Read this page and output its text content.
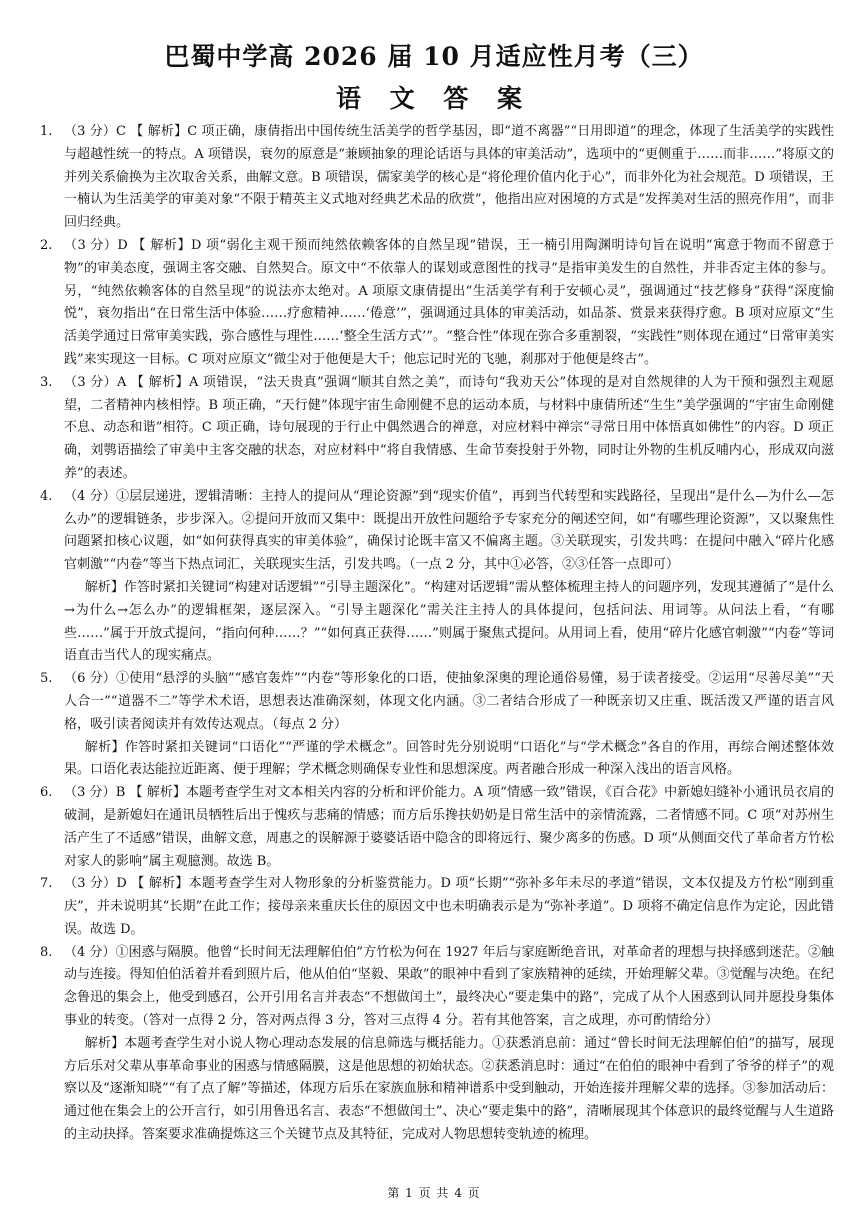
巴蜀中学高 2026 届 10 月适应性月考（三）
语 文 答 案
1. （3 分）C 【 解析】C 项正确，康倩指出中国传统生活美学的哲学基因，即“道不离器”“日用即道”的理念，体现了生活美学的实践性与超越性统一的特点。A 项错误，衰勿的原意是“兼顾抽象的理论话语与具体的审美活动”，选项中的“更侧重于……而非……”将原文的并列关系偷换为主次取舍关系，曲解文意。B 项错误，儒家美学的核心是“将伦理价值内化于心”，而非外化为社会规范。D 项错误，王一楠认为生活美学的审美对象“不限于精英主义式地对经典艺术品的欣赏”，他指出应对困境的方式是“发挥美对生活的照亮作用”，而非回归经典。

2. （3 分）D 【 解析】D 项“弱化主观干预而纯然依赖客体的自然呈现”错误，王一楠引用陶渊明诗句旨在说明“寓意于物而不留意于物”的审美态度，强调主客交融、自然契合。原文中“不依靠人的谋划或意图性的找寻”是指审美发生的自然性，并非否定主体的参与。另，“纯然依赖客体的自然呈现”的说法亦太绝对。A 项原文康倩提出“生活美学有利于安顿心灵”，强调通过“技艺修身”获得“深度愉悦”，衰勿指出“在日常生活中体验……疗愈精神……‘倦意’”，强调通过具体的审美活动，如品茶、赏景来获得疗愈。B 项对应原文“生活美学通过日常审美实践，弥合感性与理性……‘整全生活方式’”。“整合性”体现在弥合多重割裂，“实践性”则体现在通过“日常审美实践”来实现这一目标。C 项对应原文“微尘对于他便是大千；他忘记时光的飞驰，刹那对于他便是终古”。

3. （3 分）A 【 解析】A 项错误，“法天贵真”强调“顺其自然之美”，而诗句“我劝天公”体现的是对自然规律的人为干预和强烈主观愿望，二者精神内核相悖。B 项正确，“天行健”体现宇宙生命刚健不息的运动本质，与材料中康倩所述“生生”美学强调的“宇宙生命刚健不息、动态和谐”相符。C 项正确，诗句展现的于行止中偶然遇合的禅意，对应材料中禅宗“寻常日用中体悟真如佛性”的内容。D 项正确，刘鹗语描绘了审美中主客交融的状态，对应材料中“将自我情感、生命节奏投射于外物，同时让外物的生机反哺内心，形成双向滋养”的表述。

4. （4 分）①层层递进，逻辑清晰：主持人的提问从“理论资源”到“现实价值”，再到当代转型和实践路径，呈现出“是什么—为什么—怎么办”的逻辑链条，步步深入。②提问开放而又集中：既提出开放性问题给予专家充分的阐述空间，如“有哪些理论资源”，又以聚焦性问题紧扣核心议题，如“如何获得真实的审美体验”，确保讨论既丰富又不偏离主题。③关联现实，引发共鸣：在提问中融入“碎片化感官刺激”“内卷”等当下热点词汇，关联现实生活，引发共鸣。（一点 2 分，其中①必答，②③任答一点即可）

解析】作答时紧扣关键词“构建对话逻辑”“引导主题深化”。“构建对话逻辑”需从整体梳理主持人的问题序列，发现其遵循了“是什么→为什么→怎么办”的逻辑框架，逐层深入。“引导主题深化”需关注主持人的具体提问，包括问法、用词等。从问法上看，“有哪些……”属于开放式提问，“指向何种……？”“如何真正获得……”则属于聚焦式提问。从用词上看，使用“碎片化感官刺激”“内卷”等词语直击当代人的现实痛点。

5. （6 分）①使用“悬浮的头脑”“感官轰炸”“内卷”等形象化的口语，使抽象深奥的理论通俗易懂，易于读者接受。②运用“尽善尽美”“天人合一”“道器不二”等学术术语，思想表达准确深刻，体现文化内涵。③二者结合形成了一种既亲切又庄重、既活泼又严谨的语言风格，吸引读者阅读并有效传达观点。（每点 2 分）

解析】作答时紧扣关键词“口语化”“严谨的学术概念”。回答时先分别说明“口语化”与“学术概念”各自的作用，再综合阐述整体效果。口语化表达能拉近距离、便于理解；学术概念则确保专业性和思想深度。两者融合形成一种深入浅出的语言风格。

6. （3 分）B 【 解析】本题考查学生对文本相关内容的分析和评价能力。A 项“情感一致”错误，《百合花》中新媳妇缝补小通讯员衣肩的破洞，是新媳妇在通讯员牺牲后出于愧疚与悲痛的情感；而方后乐搀扶奶奶是日常生活中的亲情流露，二者情感不同。C 项“对苏州生活产生了不适感”错误，曲解文意，周惠之的误解源于婆婆话语中隐含的即将远行、聚少离多的伤感。D 项“从侧面交代了革命者方竹松对家人的影响”属主观臆测。故选 B。

7. （3 分）D 【 解析】本题考查学生对人物形象的分析鉴赏能力。D 项“长期”“弥补多年未尽的孝道”错误，文本仅提及方竹松“刚到重庆”，并未说明其“长期”在此工作；接母亲来重庆长住的原因文中也未明确表示是为“弥补孝道”。D 项将不确定信息作为定论，因此错误。故选 D。

8. （4 分）①困惑与隔膜。他曾“长时间无法理解伯伯”方竹松为何在 1927 年后与家庭断绝音讯，对革命者的理想与抉择感到迷茫。②触动与连接。得知伯伯活着并看到照片后，他从伯伯“坚毅、果敢”的眼神中看到了家族精神的延续，开始理解父辈。③觉醒与决绝。在纪念鲁迅的集会上，他受到感召，公开引用名言并表态“不想做闰土”，最终决心“要走集中的路”，完成了从个人困惑到认同并愿投身集体事业的转变。（答对一点得 2 分，答对两点得 3 分，答对三点得 4 分。若有其他答案，言之成理，亦可酌情给分）

解析】本题考查学生对小说人物心理动态发展的信息筛选与概括能力。①获悉消息前：通过“曾长时间无法理解伯伯”的描写，展现方后乐对父辈从事革命事业的困惑与情感隔膜，这是他思想的初始状态。②获悉消息时：通过“在伯伯的眼神中看到了爷爷的样子”的观察以及“逐渐知晓”“有了点了解”等描述，体现方后乐在家族血脉和精神谱系中受到触动，开始连接并理解父辈的选择。③参加活动后：通过他在集会上的公开言行，如引用鲁迅名言、表态“不想做闰土”、决心“要走集中的路”，清晰展现其个体意识的最终觉醒与人生道路的主动抉择。答案要求准确提炼这三个关键节点及其特征，完成对人物思想转变轨迹的梳理。

第 1 页 共 4 页
